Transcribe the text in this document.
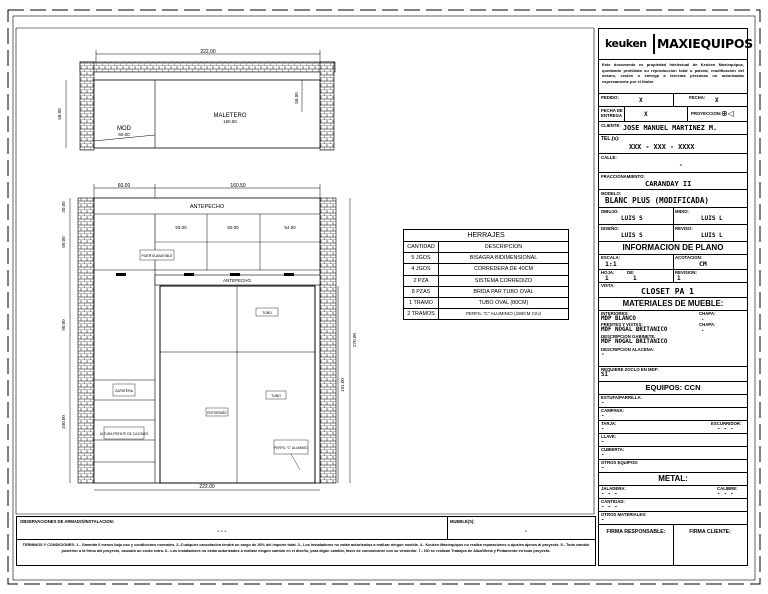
222.00
MALETERO
160.50
MOD
60.00
58.00
58.00
60.00	160.50
ANTEPECHO
53.00	50.00	54.50
ANTEPECHO
30.00
60.00
90.00
100.00
270.00
191.00
222.00
PUERTA ABATIBLE
TUBO
ZAPATERA
ALTURA FRENTE DE CAJONES
TUBO
ENTREPAÑO
PERFIL "C" ALUMINIO
HERRAJES
CANTIDAD	DESCRIPCION
5 JGOS	BISAGRA BIDIMENSIONAL
4 JGOS	CORREDERA DE 40CM
2 PZA	SISTEMA CORREDIZO
8 PZAS	BRIDA PAR TUBO OVAL
1 TRAMO	TUBO OVAL (80CM)
2 TRAMOS	PERFIL "C" ALUMINIO (190CM C/U)
keuken MAXIEQUIPOS
Este documento es propiedad intelectual de Keuken Maxiequipos, quedando prohibida su reproducción total o parcial, modificación del mismo, cesión o entrega a terceras personas no autorizadas expresamente por el titular.
PEDIDO:	X	FECHA: X
FECHA DE ENTREGA	X	PROYECCION: ⊕◁
CLIENTE: JOSE MANUEL MARTINEZ M.
TEL.(s):
XXX - XXX - XXXX
CALLE:
-
FRACCIONAMIENTO:
CARANDAY II
MODELO:
BLANC PLUS (MODIFICADA)
DIBUJO:
LUIS S
MIDIO:
LUIS L
DISEÑO:
LUIS S
REVISO:
LUIS L
INFORMACION DE PLANO
ESCALA:
1:1
ACOTACION:
CM
HOJA:
1
DE:
1
REVISION:
1
VISTA:
CLOSET PA 1
MATERIALES DE MUEBLE:
INTERIORES:
MDP BLANCO
CHAPA:
.
FRENTES Y VISTAS:
MDF NOGAL BRITANICO
CHAPA:
.
DESCRIPCION GABINETE:
MDF NOGAL BRITANICO
DESCRIPCION ALACENA:
-
REQUIERE ZOCLO EN MDF:
SI
EQUIPOS: CCN
ESTUFA/PARRILLA:
-
CAMPANA:
-
TARJA:
-
ESCURRIDOR:
- - -
LLAVE:
-
CUBIERTA:
-
OTROS EQUIPOS:
-
METAL:
JALADERA:
- - -
CALIBRE:
- - -
CANTIDAD:
- - -
OTROS MATERIALES:
-
FIRMA RESPONSABLE:	FIRMA CLIENTE:
OBSERVACIONES DE ARMADO/INSTALACION:
- - -
MUEBLE(S):
-
TERMINOS Y CONDICIONES: 1.- Garantía 6 meses bajo uso y condiciones normales. 2.-Cualquier cancelación tendrá un cargo de 20% del importe total. 3.- Los instaladores no están autorizados a realizar ningún mueble. 4.- Keuken Maxiequipos no realiza reparaciones o ajustes ajenos al proyecto. 5.- Todo cambio posterior a la firma del proyecto, causará un costo extra. 6.- Los instaladores no están autorizados a realizar ningún cambio en el diseño, para algún cambio, favor de comunicarse con su vendedor. 7.- NO se realizan Trabajos de Albañilería y Pintamento en todo proyecto.
